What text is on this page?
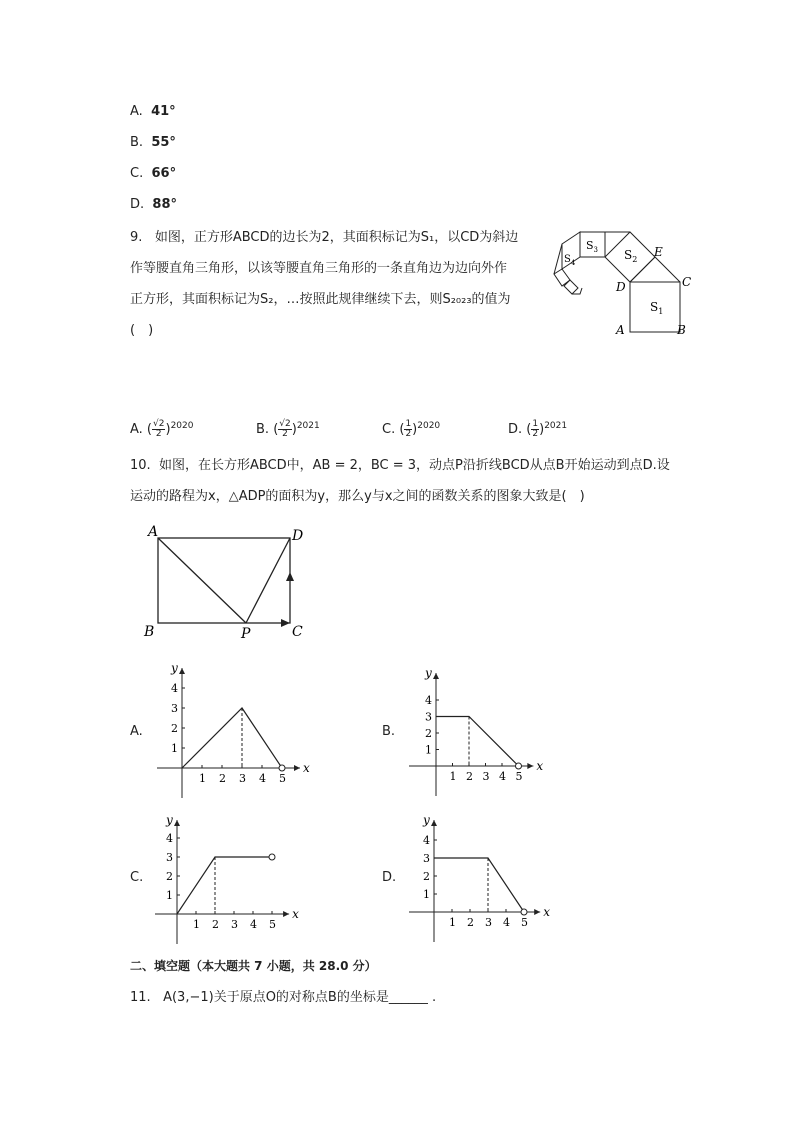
A. 41°
B. 55°
C. 66°
D. 88°
9. 如图，正方形ABCD的边长为2，其面积标记为S₁，以CD为斜边
作等腰直角三角形，以该等腰直角三角形的一条直角边为边向外作
正方形，其面积标记为S₂，…按照此规律继续下去，则S₂₀₂₃的值为
(　)
$S_1$
$S_2$
$S_3$
$S_4$
D	C
E
A	B
A. ( $\frac{√2}{2} )^{2020}$	B. ( $\frac{√2}{2} )^{2021}$	C. ( $\frac{1}{2} )^{2020}$	D. ( $\frac{1}{2} )^{2021}$
10. 如图，在长方形ABCD中，AB = 2，BC = 3，动点P沿折线BCD从点B开始运动到点D.设
运动的路程为x，△ADP的面积为y，那么y与x之间的函数关系的图象大致是(　)
A	D
B	P	C
A.	B.
C.	D.
x
y
1 2 3 4 5
1
2
3
4
x
y
1 2 3 4 5
1
2
3
4
x
y
1 2 3 4 5
1
2
3
4
x
y
1 2 3 4 5
1
2
3
4
二、填空题（本大题共 7 小题，共 28.0 分）
11. A(3,−1)关于原点O的对称点B的坐标是______ .
